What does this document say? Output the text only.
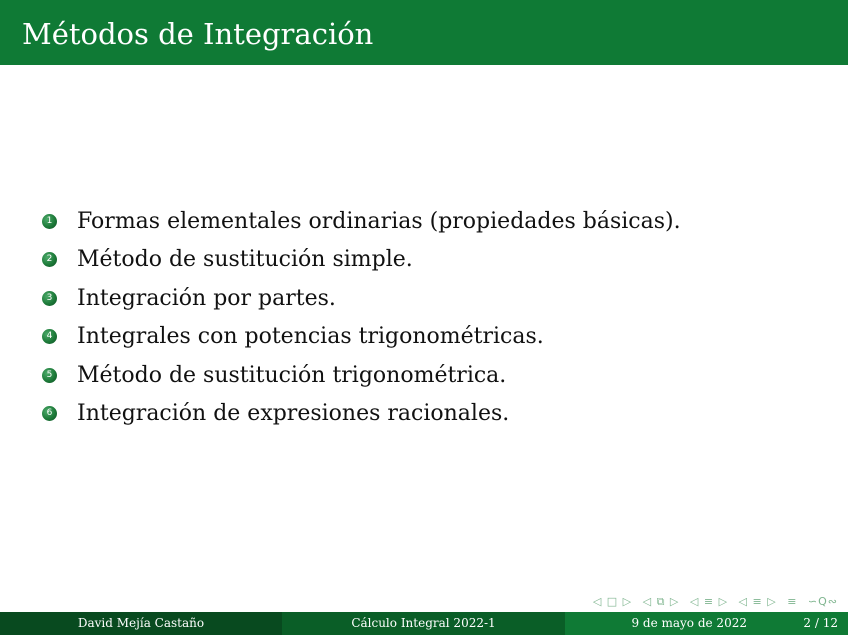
Métodos de Integración
1 Formas elementales ordinarias (propiedades básicas).
2 Método de sustitución simple.
3 Integración por partes.
4 Integrales con potencias trigonométricas.
5 Método de sustitución trigonométrica.
6 Integración de expresiones racionales.
◁ □ ▷ ◁ ⧉ ▷ ◁ ≡ ▷ ◁ ≡ ▷ ≡ ∽Q∾
David Mejía Castaño	Cálculo Integral 2022-1	9 de mayo de 2022	2 / 12
